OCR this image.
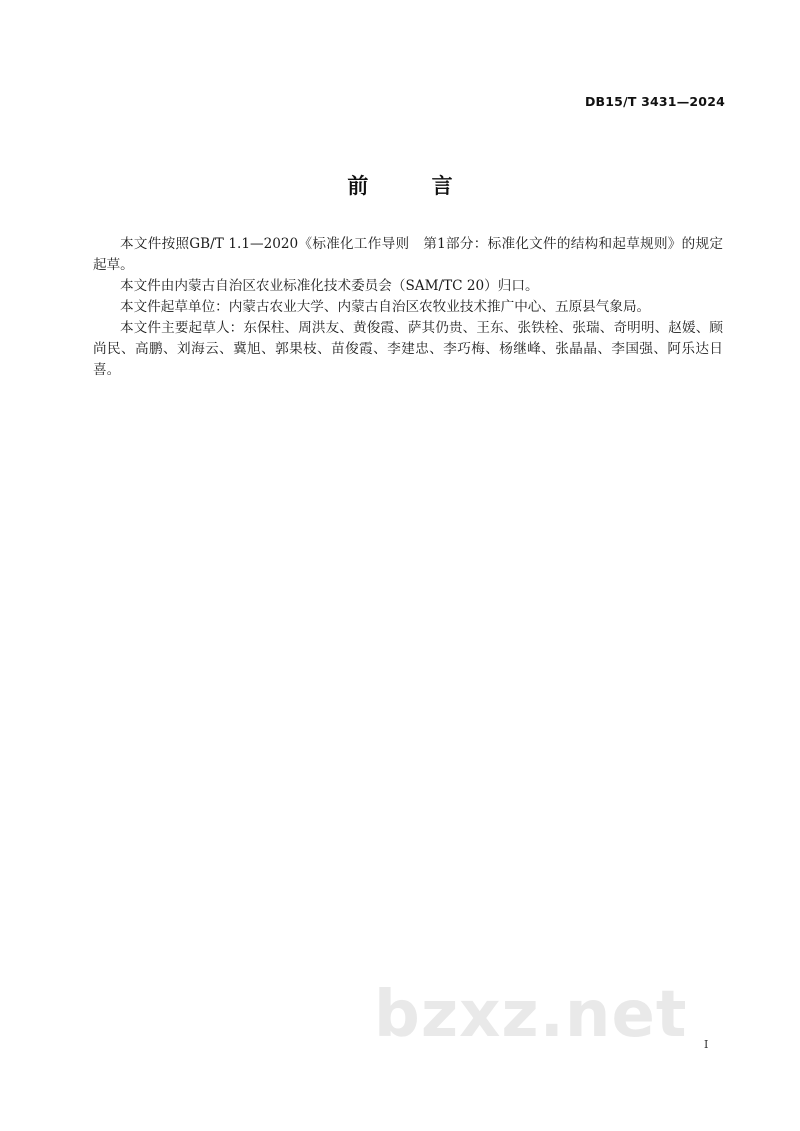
DB15/T 3431—2024
前 言

本文件按照GB/T 1.1—2020《标准化工作导则　第1部分：标准化文件的结构和起草规则》的规定起草。

本文件由内蒙古自治区农业标准化技术委员会（SAM/TC 20）归口。

本文件起草单位：内蒙古农业大学、内蒙古自治区农牧业技术推广中心、五原县气象局。

本文件主要起草人：东保柱、周洪友、黄俊霞、萨其仍贵、王东、张铁栓、张瑞、奇明明、赵媛、顾尚民、高鹏、刘海云、冀旭、郭果枝、苗俊霞、李建忠、李巧梅、杨继峰、张晶晶、李国强、阿乐达日喜。

bzxz.net I
